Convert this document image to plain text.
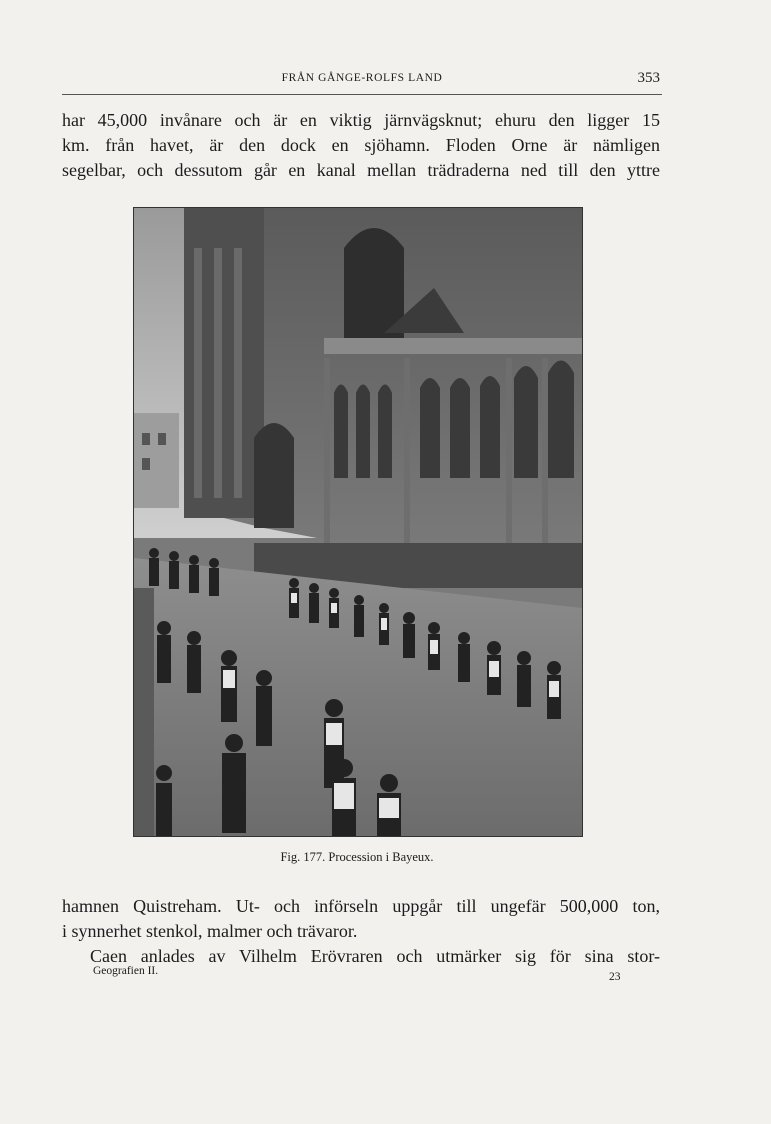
FRÅN GÅNGE-ROLFS LAND	353
har 45,000 invånare och är en viktig järnvägsknut; ehuru den ligger 15
km. från havet, är den dock en sjöhamn. Floden Orne är nämligen
segelbar, och dessutom går en kanal mellan trädraderna ned till den yttre
Fig. 177. Procession i Bayeux.
hamnen Quistreham. Ut- och införseln uppgår till ungefär 500,000 ton,
i synnerhet stenkol, malmer och trävaror.
Caen anlades av Vilhelm Erövraren och utmärker sig för sina stor-
Geografien II.	23
